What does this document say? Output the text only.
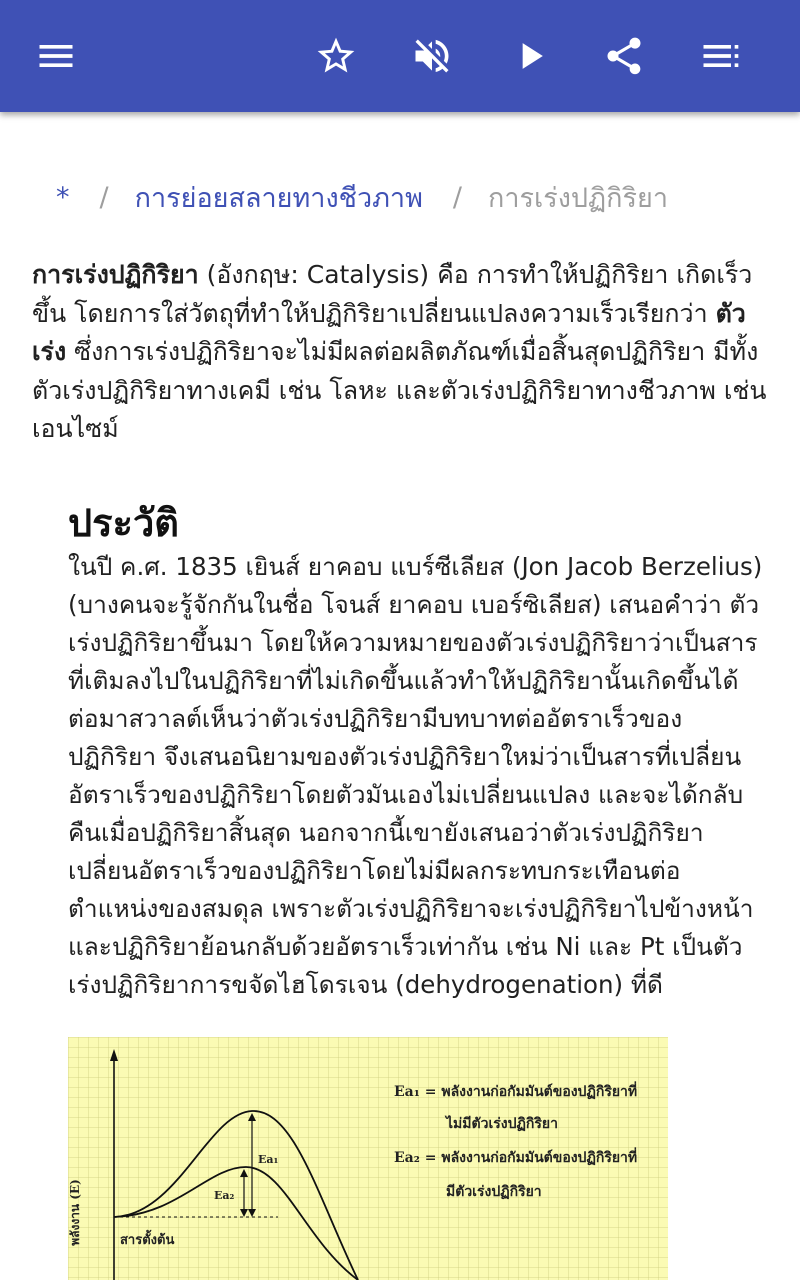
* / การย่อยสลายทางชีวภาพ / การเร่งปฏิกิริยา
การเร่งปฏิกิริยา (อังกฤษ: Catalysis) คือ การทำให้ปฏิกิริยา เกิดเร็วขึ้น โดยการใส่วัตถุที่ทำให้ปฏิกิริยาเปลี่ยนแปลงความเร็วเรียกว่า ตัวเร่ง ซึ่งการเร่งปฏิกิริยาจะไม่มีผลต่อผลิตภัณฑ์เมื่อสิ้นสุดปฏิกิริยา มีทั้งตัวเร่งปฏิกิริยาทางเคมี เช่น โลหะ และตัวเร่งปฏิกิริยาทางชีวภาพ เช่น เอนไซม์
ประวัติ
ในปี ค.ศ. 1835 เยินส์ ยาคอบ แบร์ซีเลียส (Jon Jacob Berzelius) (บางคนจะรู้จักกันในชื่อ โจนส์ ยาคอบ เบอร์ซิเลียส) เสนอคำว่า ตัวเร่งปฏิกิริยาขึ้นมา โดยให้ความหมายของตัวเร่งปฏิกิริยาว่าเป็นสารที่เติมลงไปในปฏิกิริยาที่ไม่เกิดขึ้นแล้วทำให้ปฏิกิริยานั้นเกิดขึ้นได้ ต่อมาสวาลต์เห็นว่าตัวเร่งปฏิกิริยามีบทบาทต่ออัตราเร็วของปฏิกิริยา จึงเสนอนิยามของตัวเร่งปฏิกิริยาใหม่ว่าเป็นสารที่เปลี่ยนอัตราเร็วของปฏิกิริยาโดยตัวมันเองไม่เปลี่ยนแปลง และจะได้กลับคืนเมื่อปฏิกิริยาสิ้นสุด นอกจากนี้เขายังเสนอว่าตัวเร่งปฏิกิริยาเปลี่ยนอัตราเร็วของปฏิกิริยาโดยไม่มีผลกระทบกระเทือนต่อตำแหน่งของสมดุล เพราะตัวเร่งปฏิกิริยาจะเร่งปฏิกิริยาไปข้างหน้าและปฏิกิริยาย้อนกลับด้วยอัตราเร็วเท่ากัน เช่น Ni และ Pt เป็นตัวเร่งปฏิกิริยาการขจัดไฮโดรเจน (dehydrogenation) ที่ดี
Ea₁ = พลังงานก่อกัมมันต์ของปฏิกิริยาที่
ไม่มีตัวเร่งปฏิกิริยา
Ea₂ = พลังงานก่อกัมมันต์ของปฏิกิริยาที่
มีตัวเร่งปฏิกิริยา
Ea₁
Ea₂
สารตั้งต้น
พลังงาน (E)
